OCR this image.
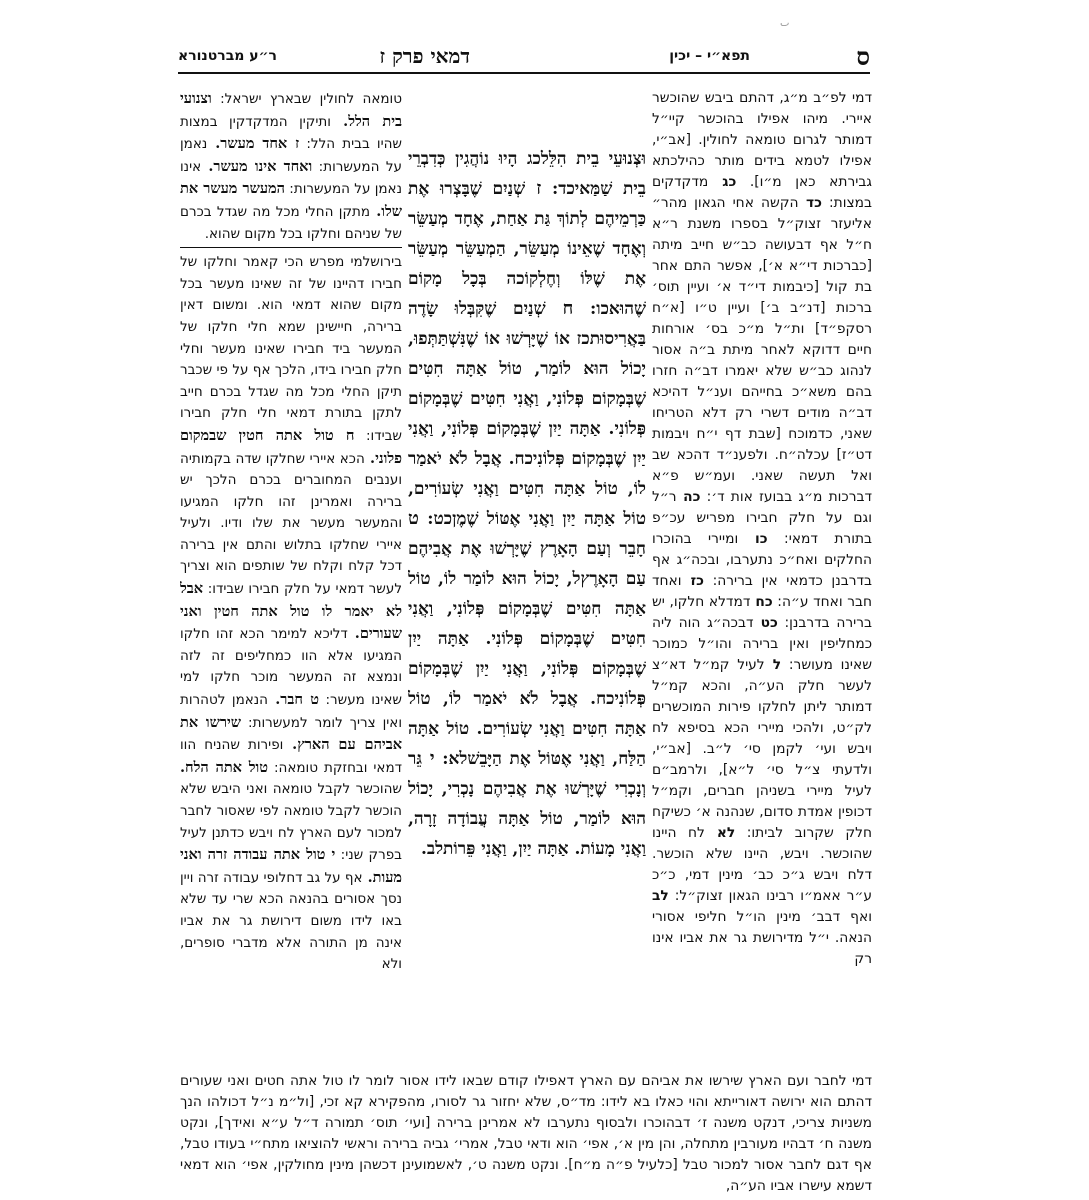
ٮ
ס
תפא״י – יכין
דמאי פרק ז
ר״ע מברטנורא
דמי לפ״ב מ״ג, דהתם ביבש שהוכשר איירי. מיהו אפילו בהוכשר קיי״ל דמותר לגרום טומאה לחולין. [אב״י, אפילו לטמא בידים מותר כהילכתא גבירתא כאן מ״ו]. כג מדקדקים במצות: כד הקשה אחי הגאון מהר״ אליעזר זצוק״ל בספרו משנת ר״א ח״ל אף דבעושה כב״ש חייב מיתה [כברכות די״א א׳], אפשר התם אחר בת קול [כיבמות די״ד א׳ ועיין תוס׳ ברכות [דנ״ב ב׳] ועיין ט״ו [א״ח רסקפ״ד] ות״ל מ״כ בס׳ אורחות חיים דדוקא לאחר מיתת ב״ה אסור לנהוג כב״ש שלא יאמרו דב״ה חזרו בהם משא״כ בחייהם וענ״ל דהיכא דב״ה מודים דשרי רק דלא הטריחו שאני, כדמוכח [שבת דף י״ח ויבמות דט״ז] עכלה״ח. ולפענ״ד דהכא שב ואל תעשה שאני. ועמ״ש פ״א דברכות מ״ג בבועז אות ד׳: כה ר״ל וגם על חלק חבירו מפריש עכ״פ בתורת דמאי: כו ומיירי בהוכרו החלקים ואח״כ נתערבו, ובכה״ג אף בדרבנן כדמאי אין ברירה: כז ואחד חבר ואחד ע״ה: כח דמדלא חלקו, יש ברירה בדרבנן: כט דבכה״ג הוה ליה כמחליפין ואין ברירה והו״ל כמוכר שאינו מעושר: ל לעיל קמ״ל דא״צ לעשר חלק הע״ה, והכא קמ״ל דמותר ליתן לחלקו פירות המוכשרים לק״ט, ולהכי מיירי הכא בסיפא לח ויבש ועי׳ לקמן סי׳ ל״ב. [אב״י, ולדעתי צ״ל סי׳ ל״א], ולרמב״ם לעיל מיירי בשניהן חברים, וקמ״ל דכופין אמדת סדום, שנהנה א׳ כשיקח חלק שקרוב לביתו: לא לח היינו שהוכשר. ויבש, היינו שלא הוכשר. דלח ויבש ג״כ כב׳ מינין דמי, כ״כ ע״ר אאמ״ו רבינו הגאון זצוק״ל: לב ואף דבב׳ מינין הו״ל חליפי אסורי הנאה. י״ל מדירושת גר את אביו אינו רק
וּצְנוּעֵי בֵית הִלֵּלכג הָיוּ נוֹהֲגִין כְּדִבְרֵי בֵית שַׁמַּאיכד: ז שְׁנַיִם שֶׁבָּצְרוּ אֶת כַּרְמֵיהֶם לְתוֹךְ גַּת אַחַת, אֶחָד מְעַשֵּׂר וְאֶחָד שֶׁאֵינוֹ מְעַשֵּׂר, הַמְעַשֵּׂר מְעַשֵּׂר אֶת שֶׁלּוֹ וְחֶלְקוֹכה בְּכָל מָקוֹם שֶׁהוּאכו: ח שְׁנַיִם שֶׁקִּבְּלוּ שָׂדֶה בַּאֲרִיסוּתכז אוֹ שֶׁיָּרְשׁוּ אוֹ שֶׁנִּשְׁתַּתְּפוּ, יָכוֹל הוּא לוֹמַר, טוֹל אַתָּה חִטִּים שֶׁבְּמָקוֹם פְּלוֹנִי, וַאֲנִי חִטִּים שֶׁבְּמָקוֹם פְּלוֹנִי. אַתָּה יַיִן שֶׁבְּמָקוֹם פְּלוֹנִי, וַאֲנִי יַיִן שֶׁבְּמָקוֹם פְּלוֹנִיכח. אֲבָל לֹא יֹאמַר לוֹ, טוֹל אַתָּה חִטִּים וַאֲנִי שְׂעוֹרִים, טוֹל אַתָּה יַיִן וַאֲנִי אֶטּוֹל שֶׁמֶןכט: ט חָבֵר וְעַם הָאָרֶץ שֶׁיָּרְשׁוּ אֶת אֲבִיהֶם עַם הָאָרֶץל, יָכוֹל הוּא לוֹמַר לוֹ, טוֹל אַתָּה חִטִּים שֶׁבְּמָקוֹם פְּלוֹנִי, וַאֲנִי חִטִּים שֶׁבְּמָקוֹם פְּלוֹנִי. אַתָּה יַיִן שֶׁבְּמָקוֹם פְּלוֹנִי, וַאֲנִי יַיִן שֶׁבְּמָקוֹם פְּלוֹנִיכח. אֲבָל לֹא יֹאמַר לוֹ, טוֹל אַתָּה חִטִּים וַאֲנִי שְׂעוֹרִים. טוֹל אַתָּה הַלַּח, וַאֲנִי אֶטּוֹל אֶת הַיָּבֵשׁלא: י גֵּר וְנָכְרִי שֶׁיָּרְשׁוּ אֶת אֲבִיהֶם נָכְרִי, יָכוֹל הוּא לוֹמַר, טוֹל אַתָּה עֲבוֹדָה זָרָה, וַאֲנִי מָעוֹת. אַתָּה יַיִן, וַאֲנִי פֵּרוֹתלב.
טומאה לחולין שבארץ ישראל: וצנועי בית הלל. ותיקין המדקדקין במצות שהיו בבית הלל: ז אחד מעשר. נאמן על המעשרות: ואחד אינו מעשר. אינו נאמן על המעשרות: המעשר מעשר את שלו. מתקן החלי מכל מה שגדל בכרם של שניהם וחלקו בכל מקום שהוא.
בירושלמי מפרש הכי קאמר וחלקו של חבירו דהיינו של זה שאינו מעשר בכל מקום שהוא דמאי הוא. ומשום דאין ברירה, חיישינן שמא חלי חלקו של המעשר ביד חבירו שאינו מעשר וחלי חלק חבירו בידו, הלכך אף על פי שכבר תיקן החלי מכל מה שגדל בכרם חייב לתקן בתורת דמאי חלי חלק חבירו שבידו: ח טול אתה חטין שבמקום פלוני. הכא איירי שחלקו שדה בקמותיה וענבים המחוברים בכרם הלכך יש ברירה ואמרינן זהו חלקו המגיעו והמעשר מעשר את שלו ודיו. ולעיל איירי שחלקו בתלוש והתם אין ברירה דכל קלח וקלח של שותפים הוא וצריך לעשר דמאי על חלק חבירו שבידו: אבל לא יאמר לו טול אתה חטין ואני שעורים. דליכא למימר הכא זהו חלקו המגיעו אלא הוו כמחליפים זה לזה ונמצא זה המעשר מוכר חלקו למי שאינו מעשר: ט חבר. הנאמן לטהרות ואין צריך לומר למעשרות: שירשו את אביהם עם הארץ. ופירות שהניח הוו דמאי ובחזקת טומאה: טול אתה הלח. שהוכשר לקבל טומאה ואני היבש שלא הוכשר לקבל טומאה לפי שאסור לחבר למכור לעם הארץ לח ויבש כדתנן לעיל בפרק שני: י טול אתה עבודה זרה ואני מעות. אף על גב דחלופי עבודה זרה ויין נסך אסורים בהנאה הכא שרי עד שלא באו לידו משום דירושת גר את אביו אינה מן התורה אלא מדברי סופרים, ולא
דמי לחבר ועם הארץ שירשו את אביהם עם הארץ דאפילו קודם שבאו לידו אסור לומר לו טול אתה חטים ואני שעורים דהתם הוא ירושה דאורייתא והוי כאלו בא לידו: מד״ס, שלא יחזור גר לסורו, מהפקירא קא זכי, [ול״מ נ״ל דכולהו הנך משניות צריכי, דנקט משנה ז׳ דבהוכרו ולבסוף נתערבו לא אמרינן ברירה [ועי׳ תוס׳ תמורה ד״ל ע״א ואידך], ונקט משנה ח׳ דבהיו מעורבין מתחלה, והן מין א׳, אפי׳ הוא ודאי טבל, אמרי׳ גביה ברירה וראשי להוציאו מתח״י בעודו טבל, אף דגם לחבר אסור למכור טבל [כלעיל פ״ה מ״ח]. ונקט משנה ט׳, לאשמועינן דכשהן מינין מחולקין, אפי׳ הוא דמאי דשמא עישרו אביו הע״ה,
